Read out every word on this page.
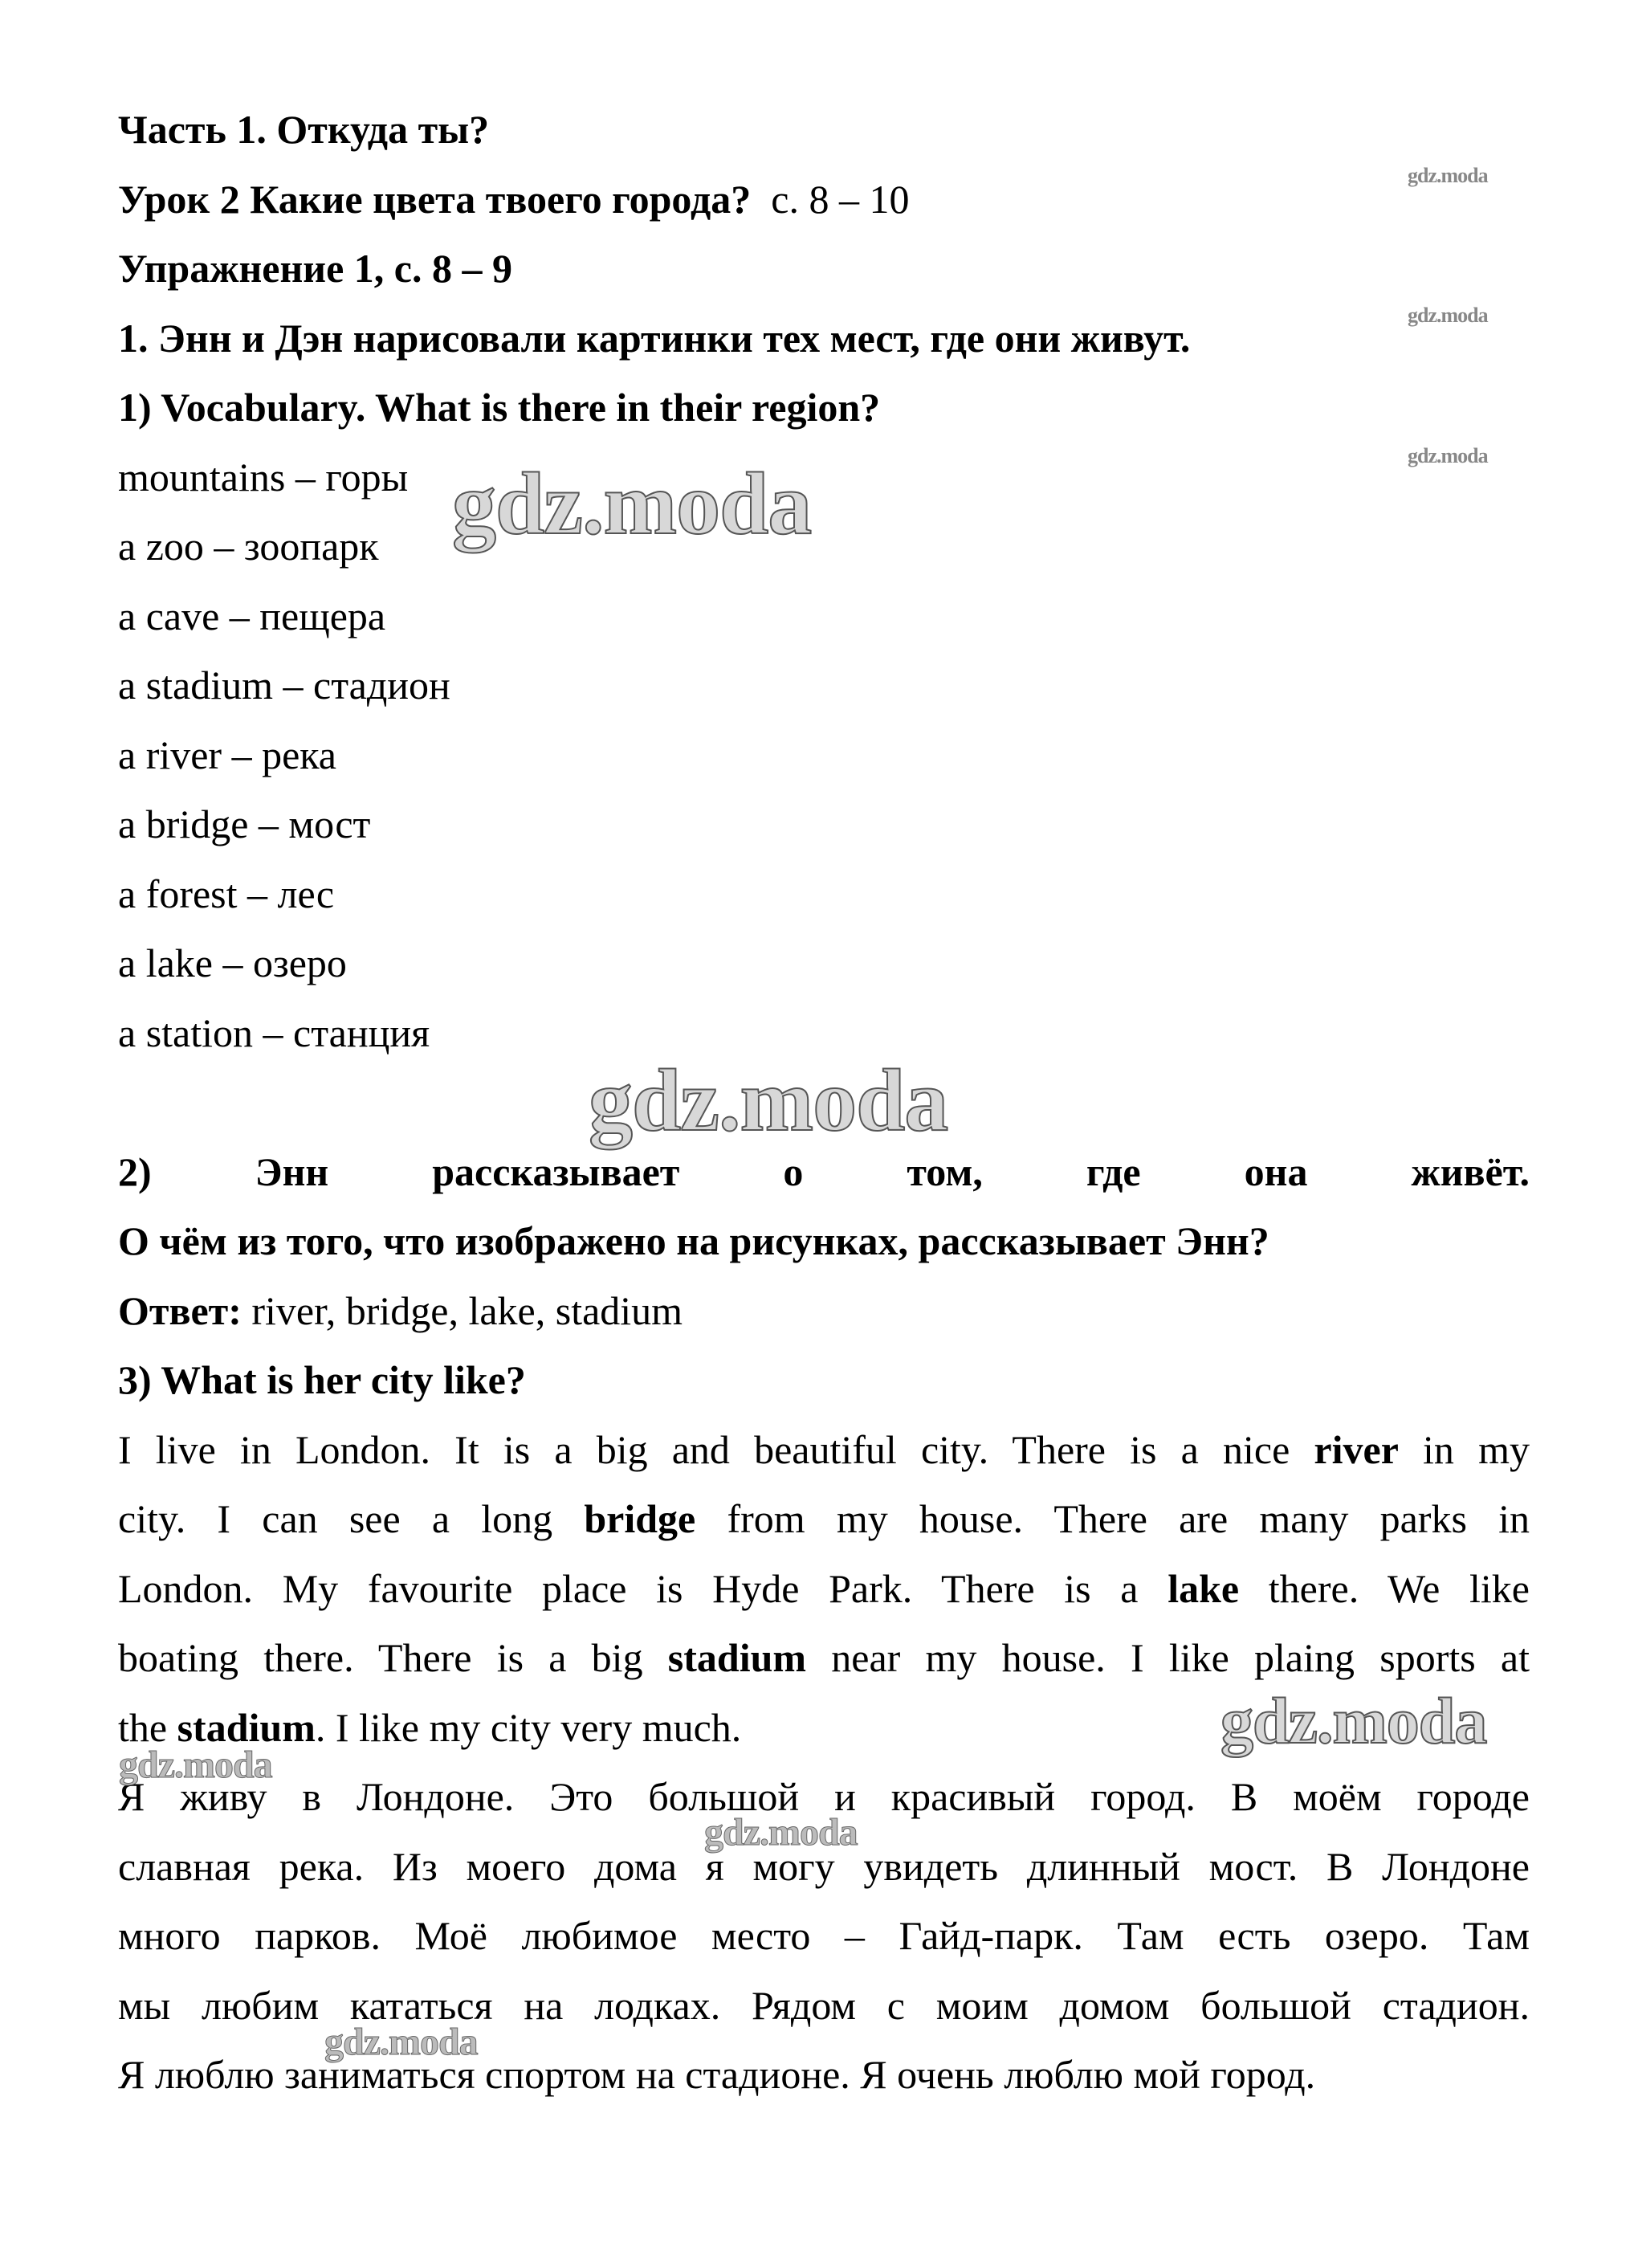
Часть 1. Откуда ты?
Урок 2 Какие цвета твоего города?  с. 8 – 10
Упражнение 1, с. 8 – 9
1. Энн и Дэн нарисовали картинки тех мест, где они живут.
1) Vocabulary. What is there in their region?
mountains – горы
a zoo – зоопарк
a cave – пещера
a stadium – стадион
a river – река
a bridge – мост
a forest – лес
a lake – озеро
a station – станция
2)	Энн	рассказывает	о	том,	где	она	живёт.
О чём из того, что изображено на рисунках, рассказывает Энн?
Ответ: river, bridge, lake, stadium
3) What is her city like?
I live in London. It is a big and beautiful city. There is a nice river in my
city. I can see a long bridge from my house. There are many parks in
London. My favourite place is Hyde Park. There is a lake there. We like
boating there. There is a big stadium near my house. I like plaing sports at
the stadium. I like my city very much.
Я живу в Лондоне. Это большой и красивый город. В моём городе
славная река. Из моего дома я могу увидеть длинный мост. В Лондоне
много парков. Моё любимое место – Гайд-парк. Там есть озеро. Там
мы любим кататься на лодках. Рядом с моим домом большой стадион.
Я люблю заниматься спортом на стадионе. Я очень люблю мой город.
gdz.moda
gdz.moda
gdz.moda
gdz.moda
gdz.moda
gdz.moda
gdz.moda
gdz.moda
gdz.moda
